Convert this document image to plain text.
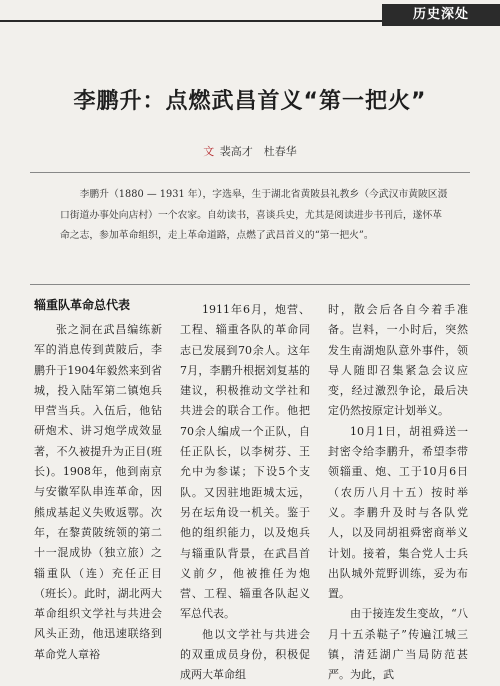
历史深处
李鹏升：点燃武昌首义“第一把火”
文 裴高才　杜春华

李鹏升（1880 — 1931 年），字选皋，生于湖北省黄陂县礼教乡（今武汉市黄陂区滠口街道办事处向店村）一个农家。自幼读书，喜谈兵史，尤其是阅读进步书刊后，遂怀革命之志，参加革命组织，走上革命道路，点燃了武昌首义的“第一把火”。

辎重队革命总代表

张之洞在武昌编练新军的消息传到黄陂后，李鹏升于1904年毅然来到省城，投入陆军第二镇炮兵甲营当兵。入伍后，他钻研炮术、讲习炮学成效显著，不久被提升为正目(班长)。1908年，他到南京与安徽军队串连革命，因熊成基起义失败返鄂。次年，在黎黄陂统领的第二十一混成协（独立旅）之辎重队（连）充任正目（班长）。此时，湖北两大革命组织文学社与共进会风头正劲，他迅速联络到革命党人章裕

1911年6月，炮营、工程、辎重各队的革命同志已发展到70余人。这年7月，李鹏升根据刘复基的建议，积极推动文学社和共进会的联合工作。他把70余人编成一个正队，自任正队长，以李树芬、王允中为参谋；下设5个支队。又因驻地距城太远，另在坛角设一机关。鉴于他的组织能力，以及炮兵与辎重队背景，在武昌首义前夕，他被推任为炮营、工程、辎重各队起义军总代表。

他以文学社与共进会的双重成员身份，积极促成两大革命组

时，散会后各自今着手准备。岂料，一小时后，突然发生南湖炮队意外事件，领导人随即召集紧急会议应变，经过激烈争论，最后决定仍然按原定计划举义。

10月1日，胡祖舜送一封密令给李鹏升，希望李带领辎重、炮、工于10月6日（农历八月十五）按时举义。李鹏升及时与各队党人，以及同胡祖舜密商举义计划。接着，集合党人士兵出队城外荒野训练，妥为布置。

由于接连发生变故，“八月十五杀鞑子”传遍江城三镇，清廷湖广当局防范甚严。为此，武
